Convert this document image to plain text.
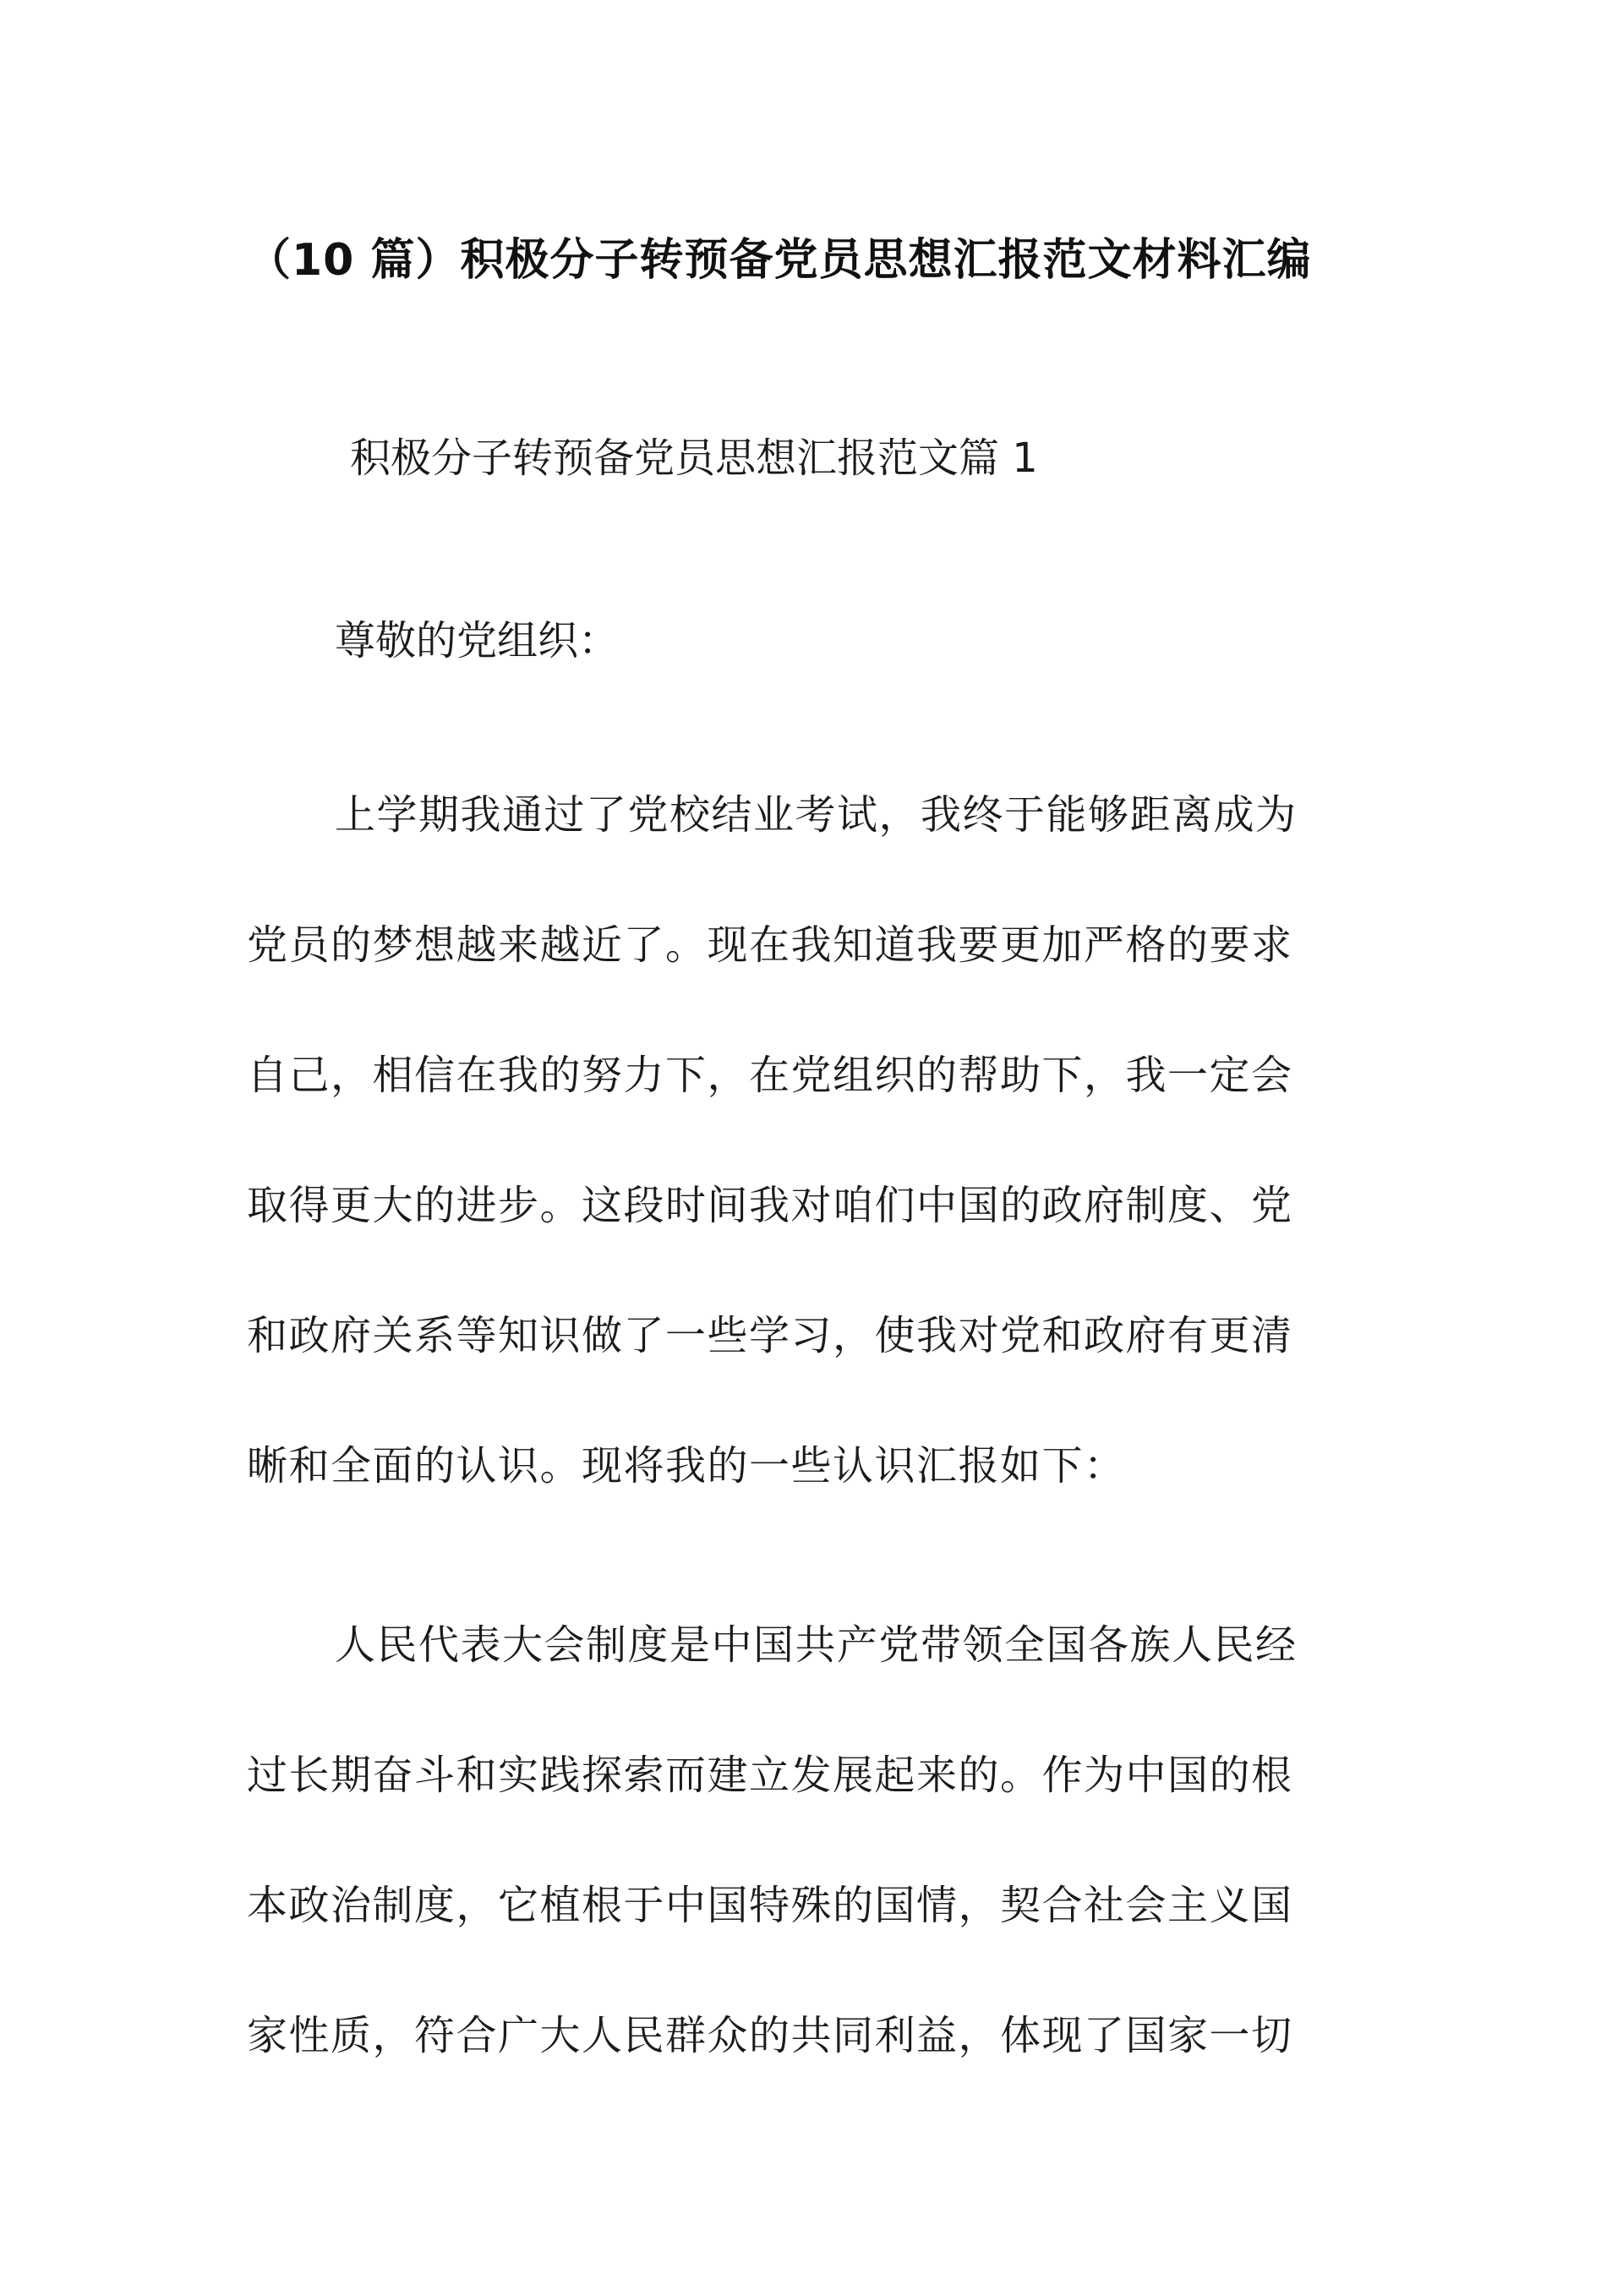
（10 篇）积极分子转预备党员思想汇报范文材料汇编
积极分子转预备党员思想汇报范文篇 1

尊敬的党组织：

上学期我通过了党校结业考试，我终于能够距离成为

党员的梦想越来越近了。现在我知道我要更加严格的要求

自己，相信在我的努力下，在党组织的帮助下，我一定会

取得更大的进步。这段时间我对咱们中国的政府制度、党

和政府关系等知识做了一些学习，使我对党和政府有更清

晰和全面的认识。现将我的一些认识汇报如下：

人民代表大会制度是中国共产党带领全国各族人民经

过长期奋斗和实践探索而建立发展起来的。作为中国的根

本政治制度，它植根于中国特殊的国情，契合社会主义国

家性质，符合广大人民群众的共同利益，体现了国家一切
